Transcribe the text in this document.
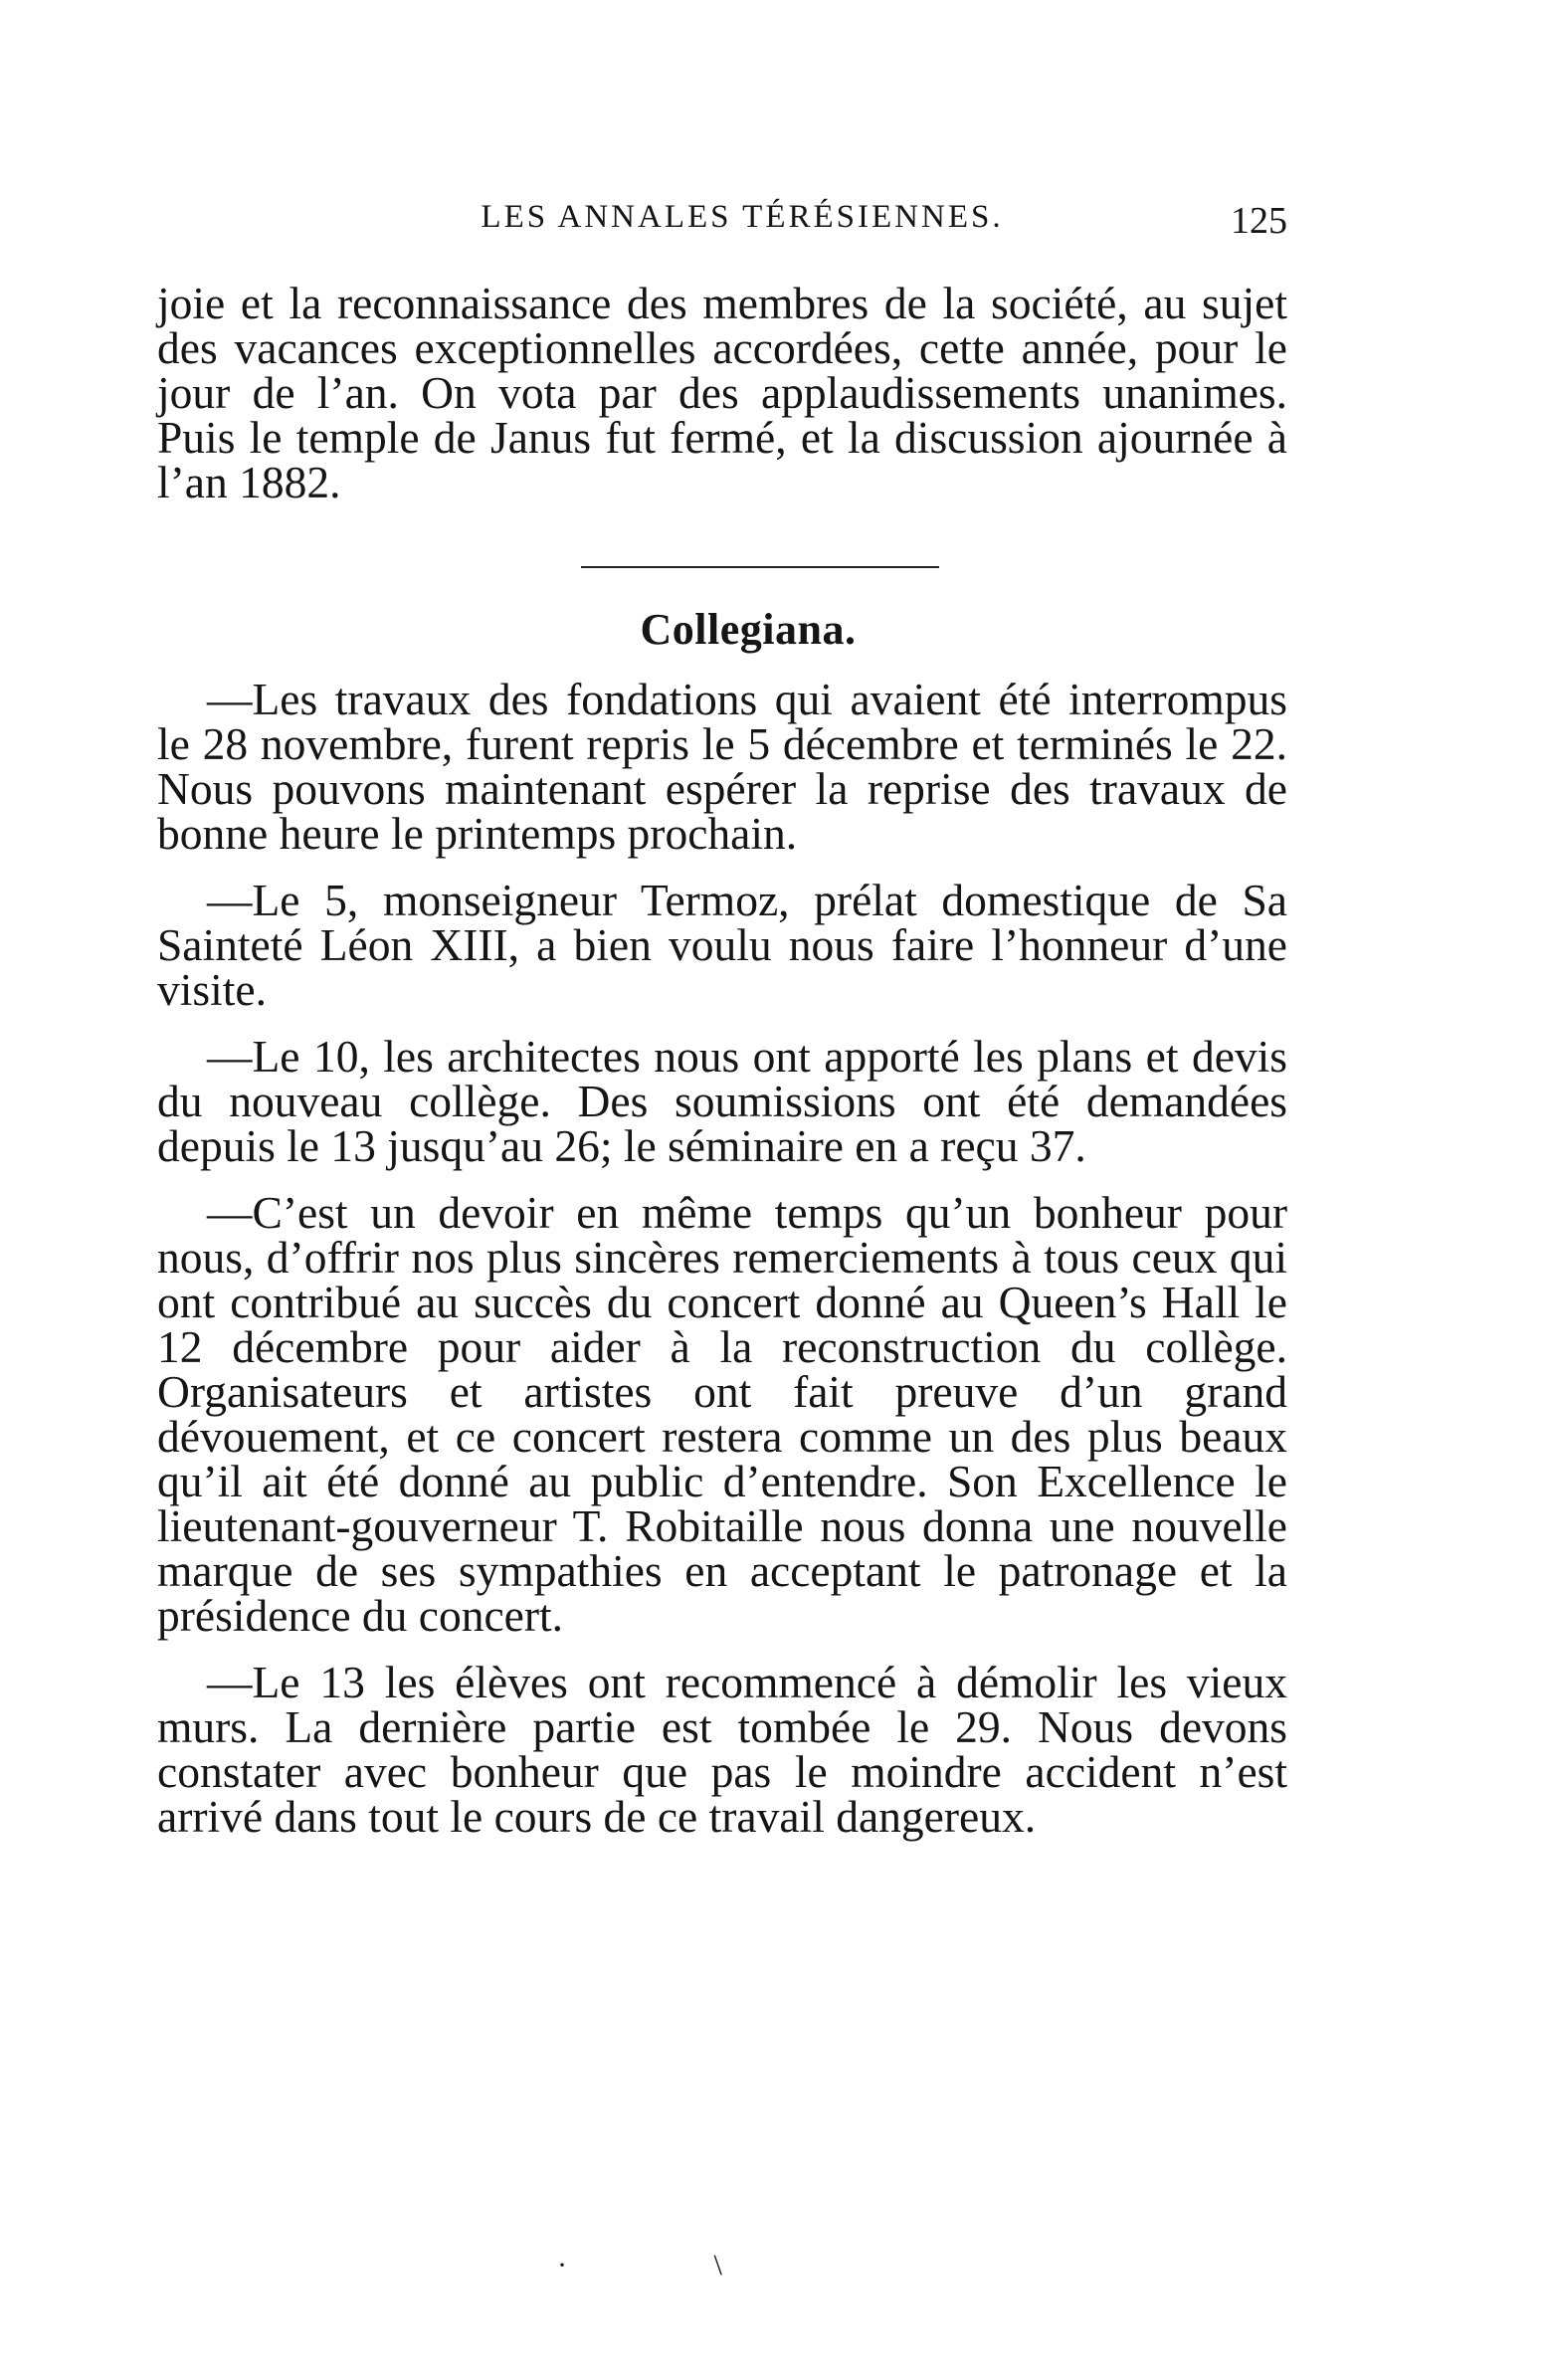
LES ANNALES TÉRÉSIENNES.	125

joie et la reconnaissance des membres de la société, au sujet des vacances exceptionnelles accordées, cette année, pour le jour de l’an. On vota par des applaudissements unanimes. Puis le temple de Janus fut fermé, et la discussion ajournée à l’an 1882.

Collegiana.

—Les travaux des fondations qui avaient été interrompus le 28 novembre, furent repris le 5 décembre et terminés le 22. Nous pouvons maintenant espérer la reprise des travaux de bonne heure le printemps prochain.

—Le 5, monseigneur Termoz, prélat domestique de Sa Sainteté Léon XIII, a bien voulu nous faire l’honneur d’une visite.

—Le 10, les architectes nous ont apporté les plans et devis du nouveau collège. Des soumissions ont été demandées depuis le 13 jusqu’au 26; le séminaire en a reçu 37.

—C’est un devoir en même temps qu’un bonheur pour nous, d’offrir nos plus sincères remerciements à tous ceux qui ont contribué au succès du concert donné au Queen’s Hall le 12 décembre pour aider à la reconstruction du collège. Organisateurs et artistes ont fait preuve d’un grand dévouement, et ce concert restera comme un des plus beaux qu’il ait été donné au public d’entendre. Son Excellence le lieutenant-gouverneur T. Robitaille nous donna une nouvelle marque de ses sympathies en acceptant le patronage et la présidence du concert.

—Le 13 les élèves ont recommencé à démolir les vieux murs. La dernière partie est tombée le 29. Nous devons constater avec bonheur que pas le moindre accident n’est arrivé dans tout le cours de ce travail dangereux.

· \
